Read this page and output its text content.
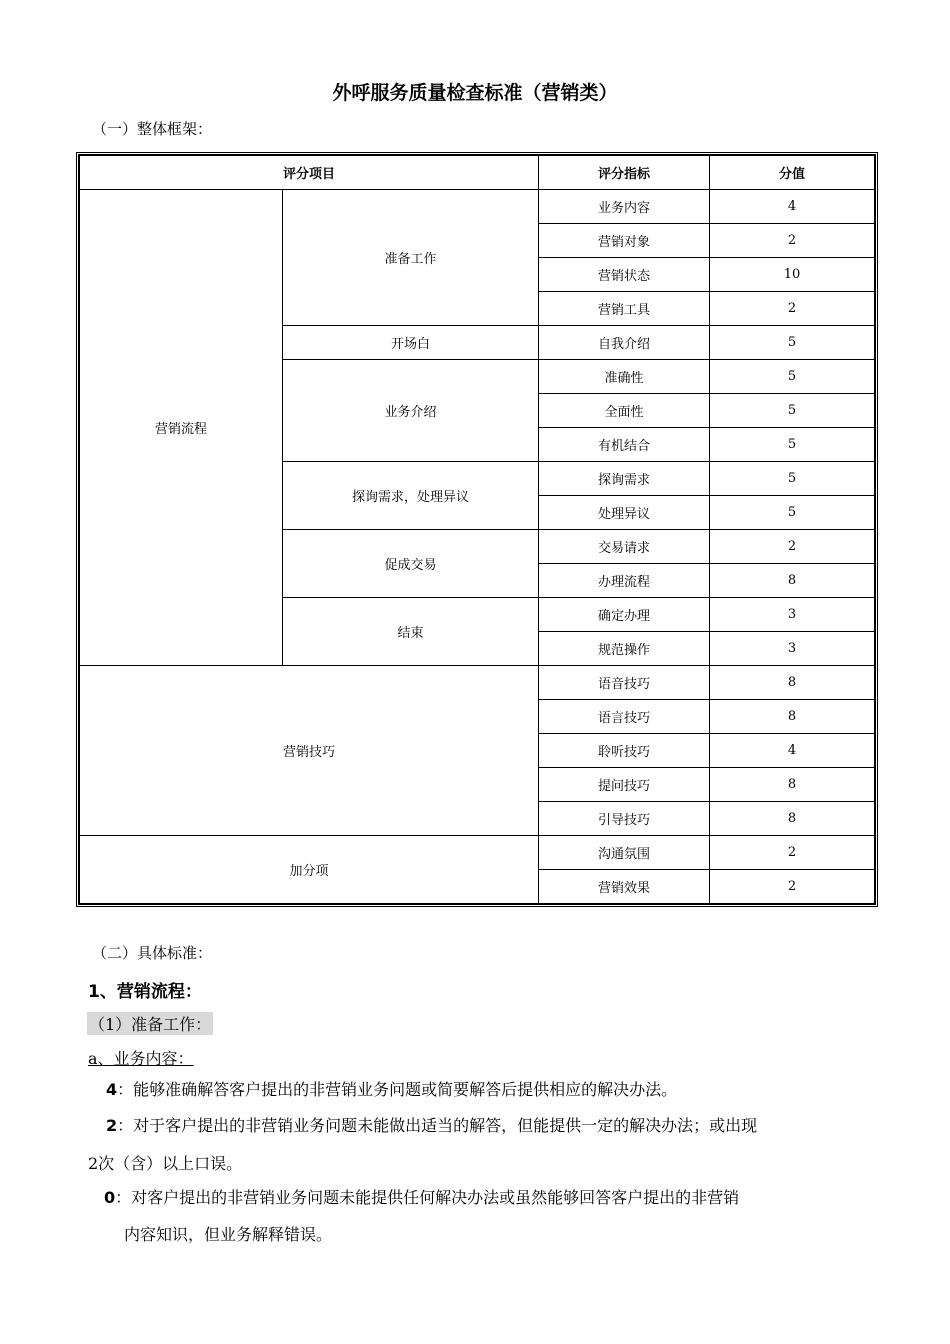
外呼服务质量检查标准（营销类）
（一）整体框架：
评分项目		评分指标	分值
营销流程	准备工作	业务内容	4
		营销对象	2
		营销状态	10
		营销工具	2
	开场白	自我介绍	5
	业务介绍	准确性	5
		全面性	5
		有机结合	5
	探询需求，处理异议	探询需求	5
		处理异议	5
	促成交易	交易请求	2
		办理流程	8
	结束	确定办理	3
		规范操作	3
营销技巧		语音技巧	8
		语言技巧	8
		聆听技巧	4
		提问技巧	8
		引导技巧	8
加分项		沟通氛围	2
		营销效果	2
（二）具体标准：
1、营销流程：
（1）准备工作：
a、业务内容：
4：能够准确解答客户提出的非营销业务问题或简要解答后提供相应的解决办法。
2：对于客户提出的非营销业务问题未能做出适当的解答，但能提供一定的解决办法；或出现
2次（含）以上口误。
0：对客户提出的非营销业务问题未能提供任何解决办法或虽然能够回答客户提出的非营销
内容知识，但业务解释错误。
